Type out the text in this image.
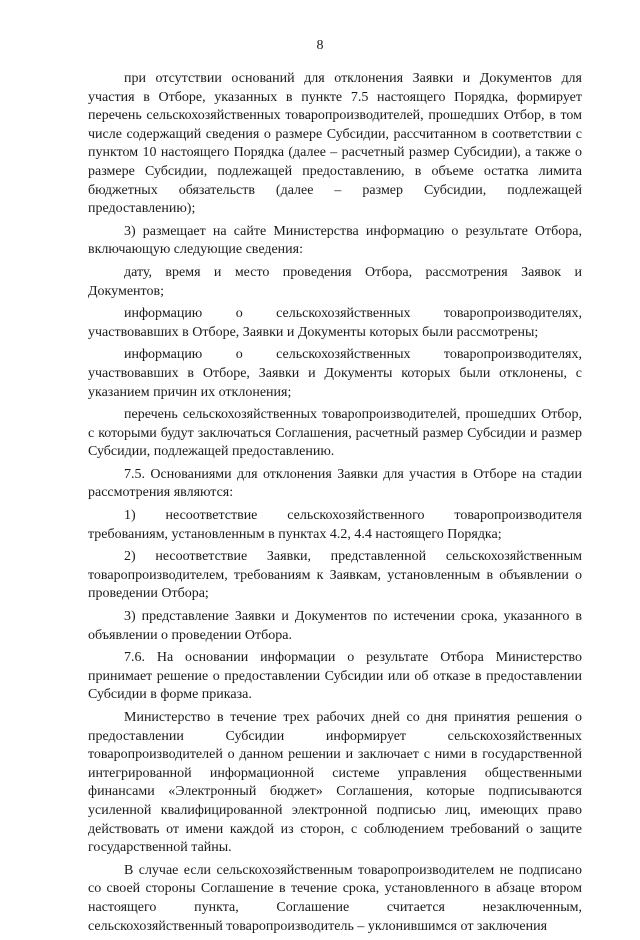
8

при отсутствии оснований для отклонения Заявки и Документов для участия в Отборе, указанных в пункте 7.5 настоящего Порядка, формирует перечень сельскохозяйственных товаропроизводителей, прошедших Отбор, в том числе содержащий сведения о размере Субсидии, рассчитанном в соответствии с пунктом 10 настоящего Порядка (далее – расчетный размер Субсидии), а также о размере Субсидии, подлежащей предоставлению, в объеме остатка лимита бюджетных обязательств (далее – размер Субсидии, подлежащей предоставлению);

3) размещает на сайте Министерства информацию о результате Отбора, включающую следующие сведения:

дату, время и место проведения Отбора, рассмотрения Заявок и Документов;

информацию о сельскохозяйственных товаропроизводителях, участвовавших в Отборе, Заявки и Документы которых были рассмотрены;

информацию о сельскохозяйственных товаропроизводителях, участвовавших в Отборе, Заявки и Документы которых были отклонены, с указанием причин их отклонения;

перечень сельскохозяйственных товаропроизводителей, прошедших Отбор, с которыми будут заключаться Соглашения, расчетный размер Субсидии и размер Субсидии, подлежащей предоставлению.

7.5. Основаниями для отклонения Заявки для участия в Отборе на стадии рассмотрения являются:

1) несоответствие сельскохозяйственного товаропроизводителя требованиям, установленным в пунктах 4.2, 4.4 настоящего Порядка;

2) несоответствие Заявки, представленной сельскохозяйственным товаропроизводителем, требованиям к Заявкам, установленным в объявлении о проведении Отбора;

3) представление Заявки и Документов по истечении срока, указанного в объявлении о проведении Отбора.

7.6. На основании информации о результате Отбора Министерство принимает решение о предоставлении Субсидии или об отказе в предоставлении Субсидии в форме приказа.

Министерство в течение трех рабочих дней со дня принятия решения о предоставлении Субсидии информирует сельскохозяйственных товаропроизводителей о данном решении и заключает с ними в государственной интегрированной информационной системе управления общественными финансами «Электронный бюджет» Соглашения, которые подписываются усиленной квалифицированной электронной подписью лиц, имеющих право действовать от имени каждой из сторон, с соблюдением требований о защите государственной тайны.

В случае если сельскохозяйственным товаропроизводителем не подписано со своей стороны Соглашение в течение срока, установленного в абзаце втором настоящего пункта, Соглашение считается незаключенным, сельскохозяйственный товаропроизводитель – уклонившимся от заключения
